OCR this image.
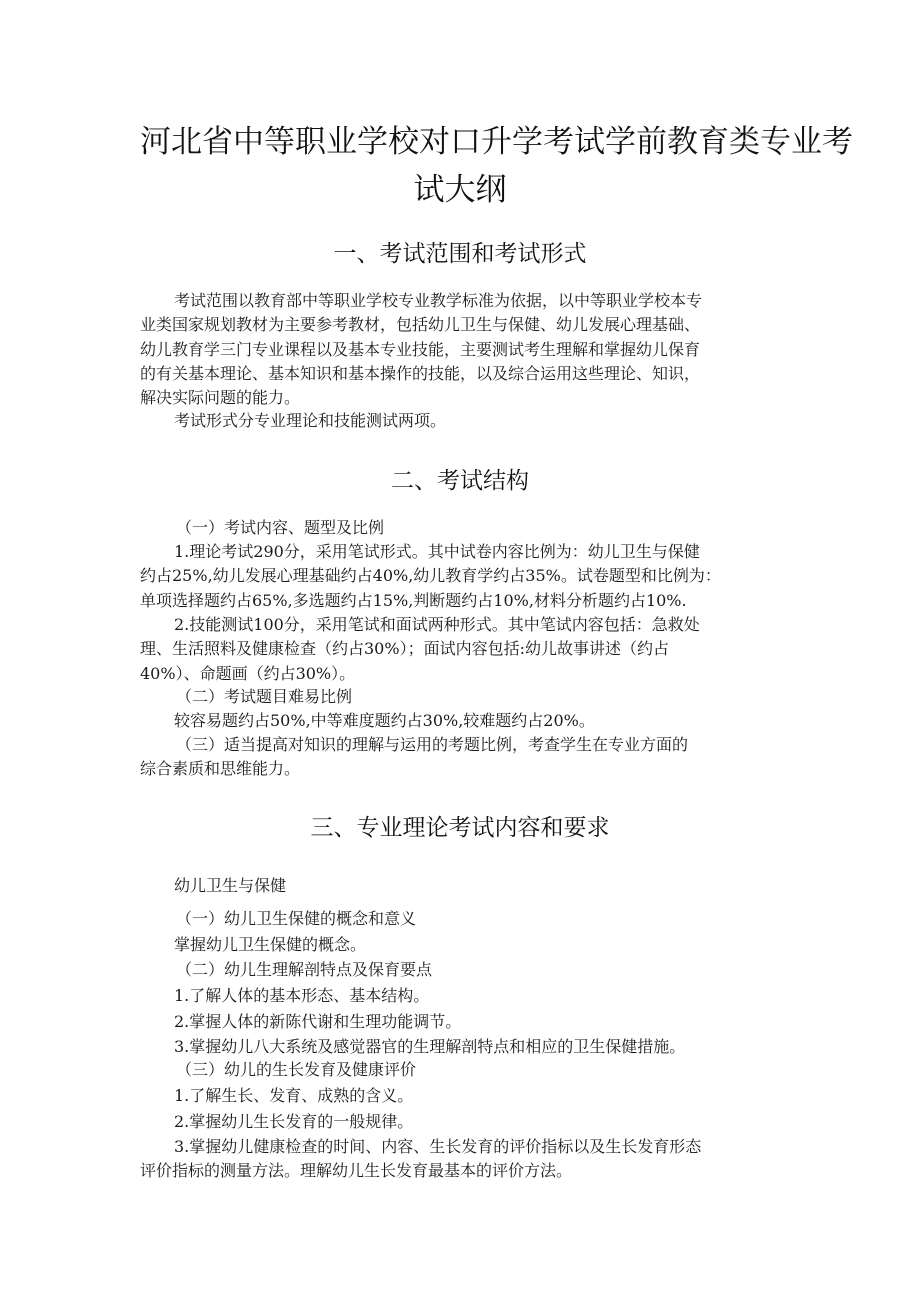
河北省中等职业学校对口升学考试学前教育类专业考
试大纲
一、考试范围和考试形式
考试范围以教育部中等职业学校专业教学标准为依据，以中等职业学校本专
业类国家规划教材为主要参考教材，包括幼儿卫生与保健、幼儿发展心理基础、
幼儿教育学三门专业课程以及基本专业技能，主要测试考生理解和掌握幼儿保育
的有关基本理论、基本知识和基本操作的技能，以及综合运用这些理论、知识，
解决实际问题的能力。
考试形式分专业理论和技能测试两项。
二、考试结构
（一）考试内容、题型及比例
1.理论考试290分，采用笔试形式。其中试卷内容比例为：幼儿卫生与保健
约占25%,幼儿发展心理基础约占40%,幼儿教育学约占35%。试卷题型和比例为：
单项选择题约占65%,多选题约占15%,判断题约占10%,材料分析题约占10%.
2.技能测试100分，采用笔试和面试两种形式。其中笔试内容包括：急救处
理、生活照料及健康检查（约占30%）；面试内容包括:幼儿故事讲述（约占
40%）、命题画（约占30%）。
（二）考试题目难易比例
较容易题约占50%,中等难度题约占30%,较难题约占20%。
（三）适当提高对知识的理解与运用的考题比例，考查学生在专业方面的
综合素质和思维能力。
三、专业理论考试内容和要求
幼儿卫生与保健
（一）幼儿卫生保健的概念和意义
掌握幼儿卫生保健的概念。
（二）幼儿生理解剖特点及保育要点
1.了解人体的基本形态、基本结构。
2.掌握人体的新陈代谢和生理功能调节。
3.掌握幼儿八大系统及感觉器官的生理解剖特点和相应的卫生保健措施。
（三）幼儿的生长发育及健康评价
1.了解生长、发育、成熟的含义。
2.掌握幼儿生长发育的一般规律。
3.掌握幼儿健康检查的时间、内容、生长发育的评价指标以及生长发育形态
评价指标的测量方法。理解幼儿生长发育最基本的评价方法。
